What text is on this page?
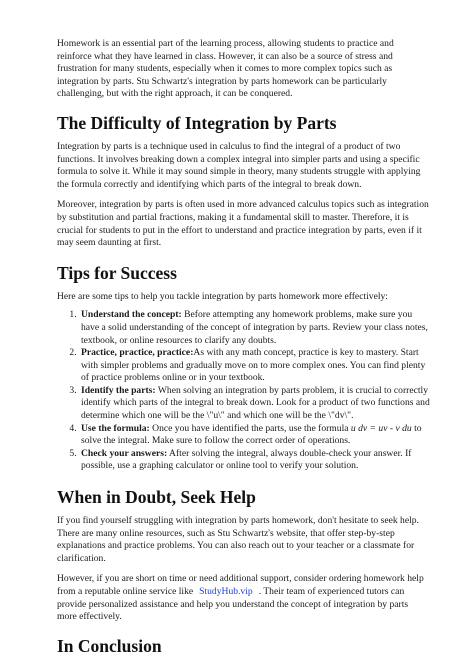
Homework is an essential part of the learning process, allowing students to practice and reinforce what they have learned in class. However, it can also be a source of stress and frustration for many students, especially when it comes to more complex topics such as integration by parts. Stu Schwartz's integration by parts homework can be particularly challenging, but with the right approach, it can be conquered.

The Difficulty of Integration by Parts

Integration by parts is a technique used in calculus to find the integral of a product of two functions. It involves breaking down a complex integral into simpler parts and using a specific formula to solve it. While it may sound simple in theory, many students struggle with applying the formula correctly and identifying which parts of the integral to break down.

Moreover, integration by parts is often used in more advanced calculus topics such as integration by substitution and partial fractions, making it a fundamental skill to master. Therefore, it is crucial for students to put in the effort to understand and practice integration by parts, even if it may seem daunting at first.

Tips for Success

Here are some tips to help you tackle integration by parts homework more effectively:

1. Understand the concept: Before attempting any homework problems, make sure you have a solid understanding of the concept of integration by parts. Review your class notes, textbook, or online resources to clarify any doubts.
2. Practice, practice, practice:As with any math concept, practice is key to mastery. Start with simpler problems and gradually move on to more complex ones. You can find plenty of practice problems online or in your textbook.
3. Identify the parts: When solving an integration by parts problem, it is crucial to correctly identify which parts of the integral to break down. Look for a product of two functions and determine which one will be the \"u\" and which one will be the \"dv\".
4. Use the formula: Once you have identified the parts, use the formula u dv = uv - v du to solve the integral. Make sure to follow the correct order of operations.
5. Check your answers: After solving the integral, always double-check your answer. If possible, use a graphing calculator or online tool to verify your solution.
When in Doubt, Seek Help

If you find yourself struggling with integration by parts homework, don't hesitate to seek help. There are many online resources, such as Stu Schwartz's website, that offer step-by-step explanations and practice problems. You can also reach out to your teacher or a classmate for clarification.

However, if you are short on time or need additional support, consider ordering homework help from a reputable online service like StudyHub.vip . Their team of experienced tutors can provide personalized assistance and help you understand the concept of integration by parts more effectively.

In Conclusion
